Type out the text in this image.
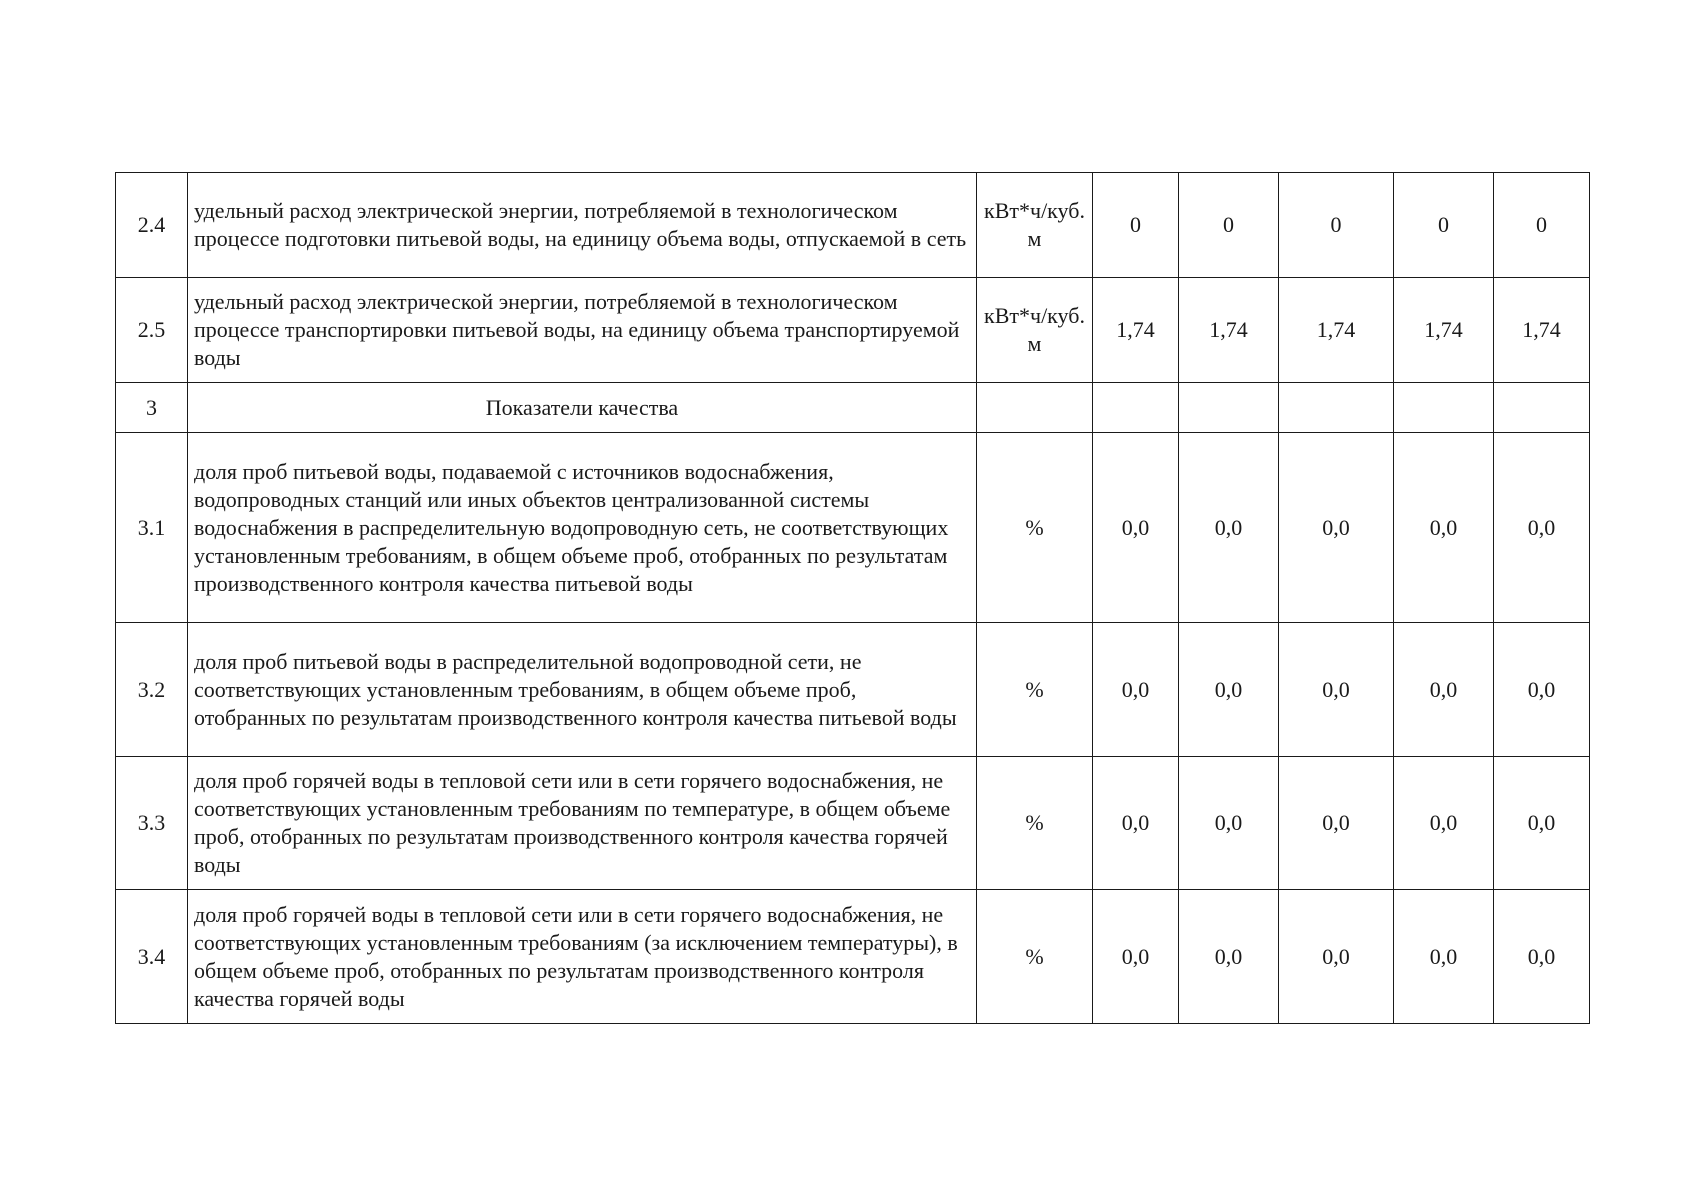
2.4	удельный расход электрической энергии, потребляемой в технологическом процессе подготовки питьевой воды, на единицу объема воды, отпускаемой в сеть	кВт*ч/куб. м	0	0	0	0	0
2.5	удельный расход электрической энергии, потребляемой в технологическом процессе транспортировки питьевой воды, на единицу объема транспортируемой воды	кВт*ч/куб. м	1,74	1,74	1,74	1,74	1,74
3	Показатели качества						
3.1	доля проб питьевой воды, подаваемой с источников водоснабжения, водопроводных станций или иных объектов централизованной системы водоснабжения в распределительную водопроводную сеть, не соответствующих установленным требованиям, в общем объеме проб, отобранных по результатам производственного контроля качества питьевой воды	%	0,0	0,0	0,0	0,0	0,0
3.2	доля проб питьевой воды в распределительной водопроводной сети, не соответствующих установленным требованиям, в общем объеме проб, отобранных по результатам производственного контроля качества питьевой воды	%	0,0	0,0	0,0	0,0	0,0
3.3	доля проб горячей воды в тепловой сети или в сети горячего водоснабжения, не соответствующих установленным требованиям по температуре, в общем объеме проб, отобранных по результатам производственного контроля качества горячей воды	%	0,0	0,0	0,0	0,0	0,0
3.4	доля проб горячей воды в тепловой сети или в сети горячего водоснабжения, не соответствующих установленным требованиям (за исключением температуры), в общем объеме проб, отобранных по результатам производственного контроля качества горячей воды	%	0,0	0,0	0,0	0,0	0,0
